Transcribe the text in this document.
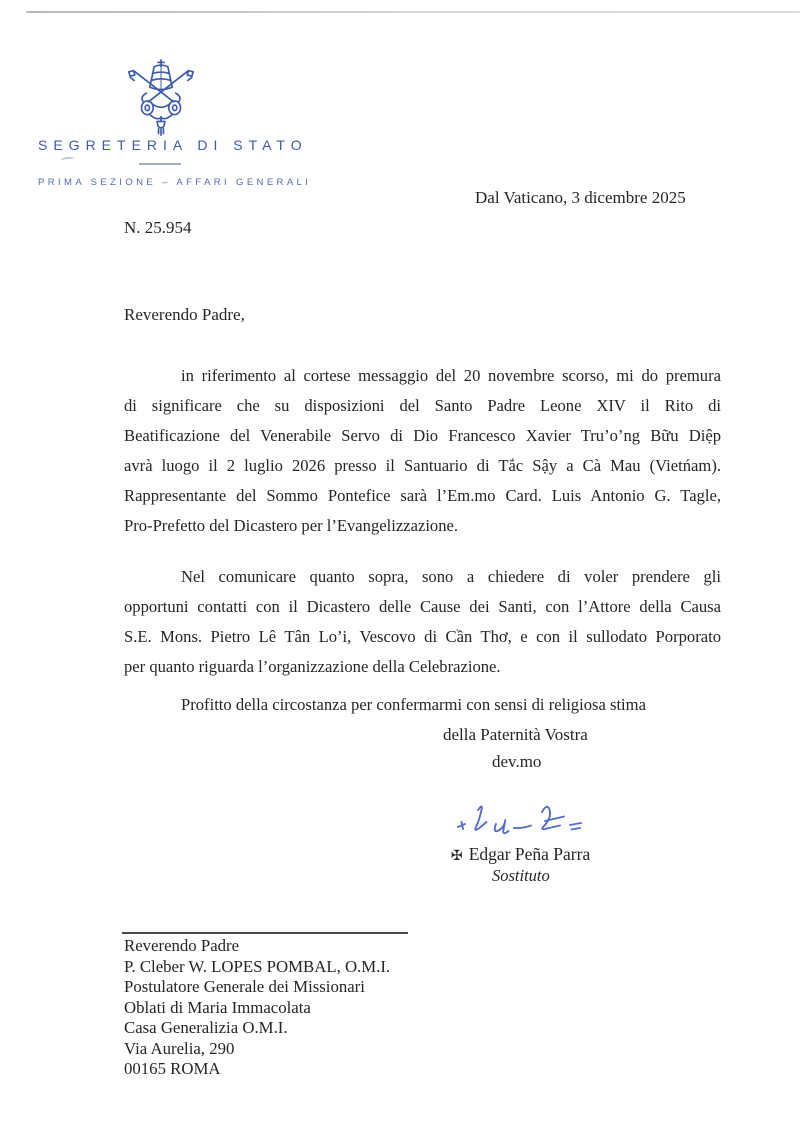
SEGRETERIA DI STATO
PRIMA SEZIONE – AFFARI GENERALI
Dal Vaticano, 3 dicembre 2025
N. 25.954
Reverendo Padre,
in riferimento al cortese messaggio del 20 novembre scorso, mi do premura
di significare che su disposizioni del Santo Padre Leone XIV il Rito di
Beatificazione del Venerabile Servo di Dio Francesco Xavier Tru’o’ng Bữu Diệp
avrà luogo il 2 luglio 2026 presso il Santuario di Tắc Sậy a Cà Mau (Vietńam).
Rappresentante del Sommo Pontefice sarà l’Em.mo Card. Luis Antonio G. Tagle,
Pro-Prefetto del Dicastero per l’Evangelizzazione.
Nel comunicare quanto sopra, sono a chiedere di voler prendere gli
opportuni contatti con il Dicastero delle Cause dei Santi, con l’Attore della Causa
S.E. Mons. Pietro Lê Tân Lo’i, Vescovo di Cần Thơ, e con il sullodato Porporato
per quanto riguarda l’organizzazione della Celebrazione.
Profitto della circostanza per confermarmi con sensi di religiosa stima
della Paternità Vostra
dev.mo
✠ Edgar Peña Parra
Sostituto
Reverendo Padre
P. Cleber W. LOPES POMBAL, O.M.I.
Postulatore Generale dei Missionari
Oblati di Maria Immacolata
Casa Generalizia O.M.I.
Via Aurelia, 290
00165 ROMA
